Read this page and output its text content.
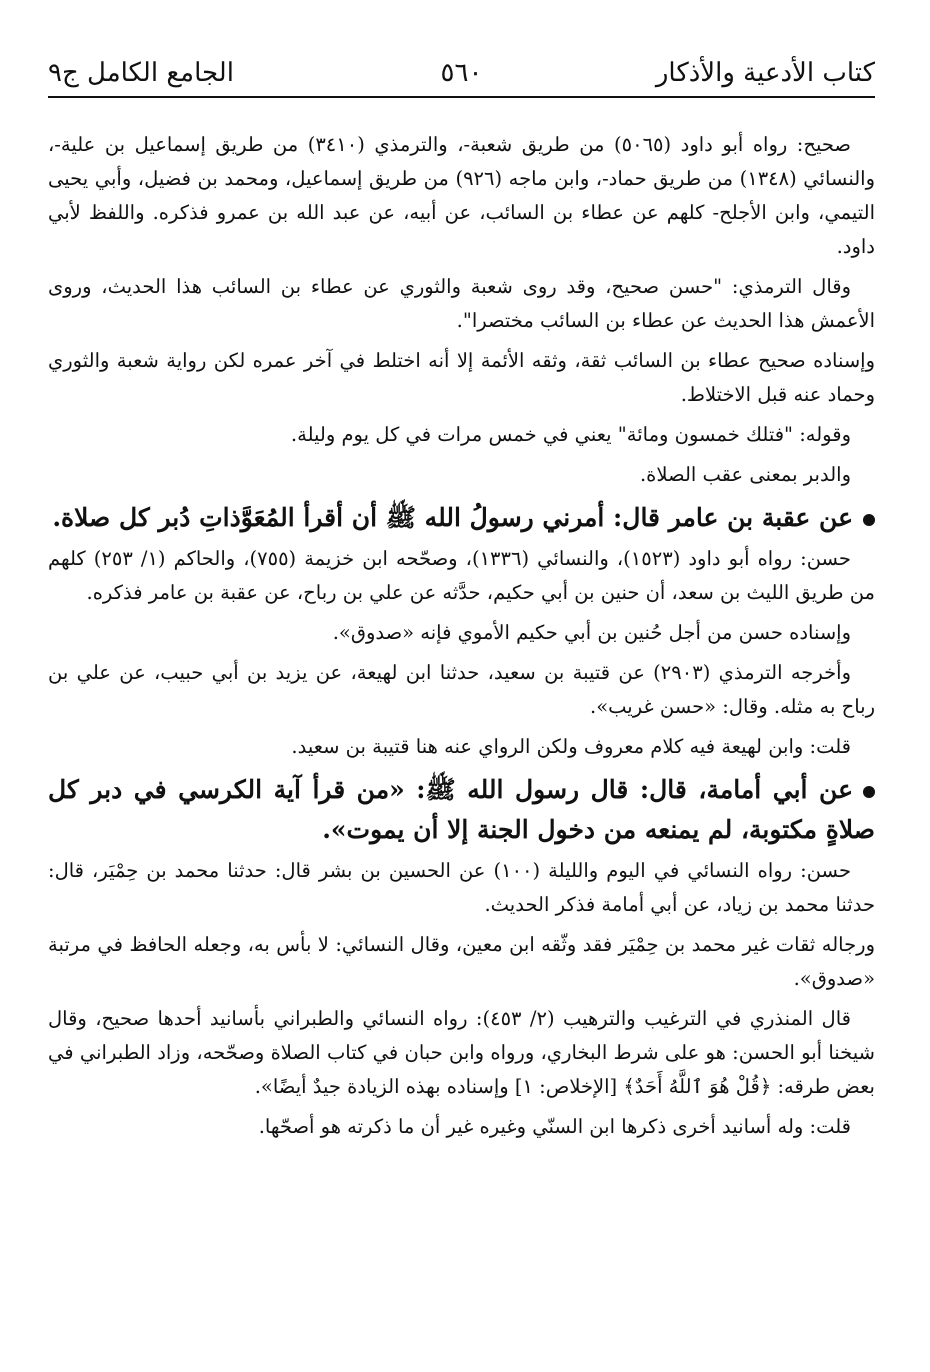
كتاب الأدعية والأذكار
٥٦٠
الجامع الكامل ج٩

صحيح: رواه أبو داود (٥٠٦٥) من طريق شعبة-، والترمذي (٣٤١٠) من طريق إسماعيل بن علية-، والنسائي (١٣٤٨) من طريق حماد-، وابن ماجه (٩٢٦) من طريق إسماعيل، ومحمد بن فضيل، وأبي يحيى التيمي، وابن الأجلح- كلهم عن عطاء بن السائب، عن أبيه، عن عبد الله بن عمرو فذكره. واللفظ لأبي داود.

وقال الترمذي: "حسن صحيح، وقد روى شعبة والثوري عن عطاء بن السائب هذا الحديث، وروى الأعمش هذا الحديث عن عطاء بن السائب مختصرا".

وإسناده صحيح عطاء بن السائب ثقة، وثقه الأئمة إلا أنه اختلط في آخر عمره لكن رواية شعبة والثوري وحماد عنه قبل الاختلاط.

وقوله: "فتلك خمسون ومائة" يعني في خمس مرات في كل يوم وليلة.

والدبر بمعنى عقب الصلاة.

عن عقبة بن عامر قال: أمرني رسولُ الله ﷺ أن أقرأ المُعَوَّذاتِ دُبر كل صلاة.

حسن: رواه أبو داود (١٥٢٣)، والنسائي (١٣٣٦)، وصحّحه ابن خزيمة (٧٥٥)، والحاكم (١/ ٢٥٣) كلهم من طريق الليث بن سعد، أن حنين بن أبي حكيم، حدَّثه عن علي بن رباح، عن عقبة بن عامر فذكره.

وإسناده حسن من أجل حُنين بن أبي حكيم الأموي فإنه «صدوق».

وأخرجه الترمذي (٢٩٠٣) عن قتيبة بن سعيد، حدثنا ابن لهيعة، عن يزيد بن أبي حبيب، عن علي بن رباح به مثله. وقال: «حسن غريب».

قلت: وابن لهيعة فيه كلام معروف ولكن الرواي عنه هنا قتيبة بن سعيد.

عن أبي أمامة، قال: قال رسول الله ﷺ: «من قرأ آية الكرسي في دبر كل صلاةٍ مكتوبة، لم يمنعه من دخول الجنة إلا أن يموت».

حسن: رواه النسائي في اليوم والليلة (١٠٠) عن الحسين بن بشر قال: حدثنا محمد بن حِمْيَر، قال: حدثنا محمد بن زياد، عن أبي أمامة فذكر الحديث.

ورجاله ثقات غير محمد بن حِمْيَر فقد وثّقه ابن معين، وقال النسائي: لا بأس به، وجعله الحافظ في مرتبة «صدوق».

قال المنذري في الترغيب والترهيب (٢/ ٤٥٣): رواه النسائي والطبراني بأسانيد أحدها صحيح، وقال شيخنا أبو الحسن: هو على شرط البخاري، ورواه وابن حبان في كتاب الصلاة وصحّحه، وزاد الطبراني في بعض طرقه: ﴿قُلْ هُوَ ٱللَّهُ أَحَدٌ﴾ [الإخلاص: ١] وإسناده بهذه الزيادة جيدٌ أيضًا».

قلت: وله أسانيد أخرى ذكرها ابن السنّي وغيره غير أن ما ذكرته هو أصحّها.
